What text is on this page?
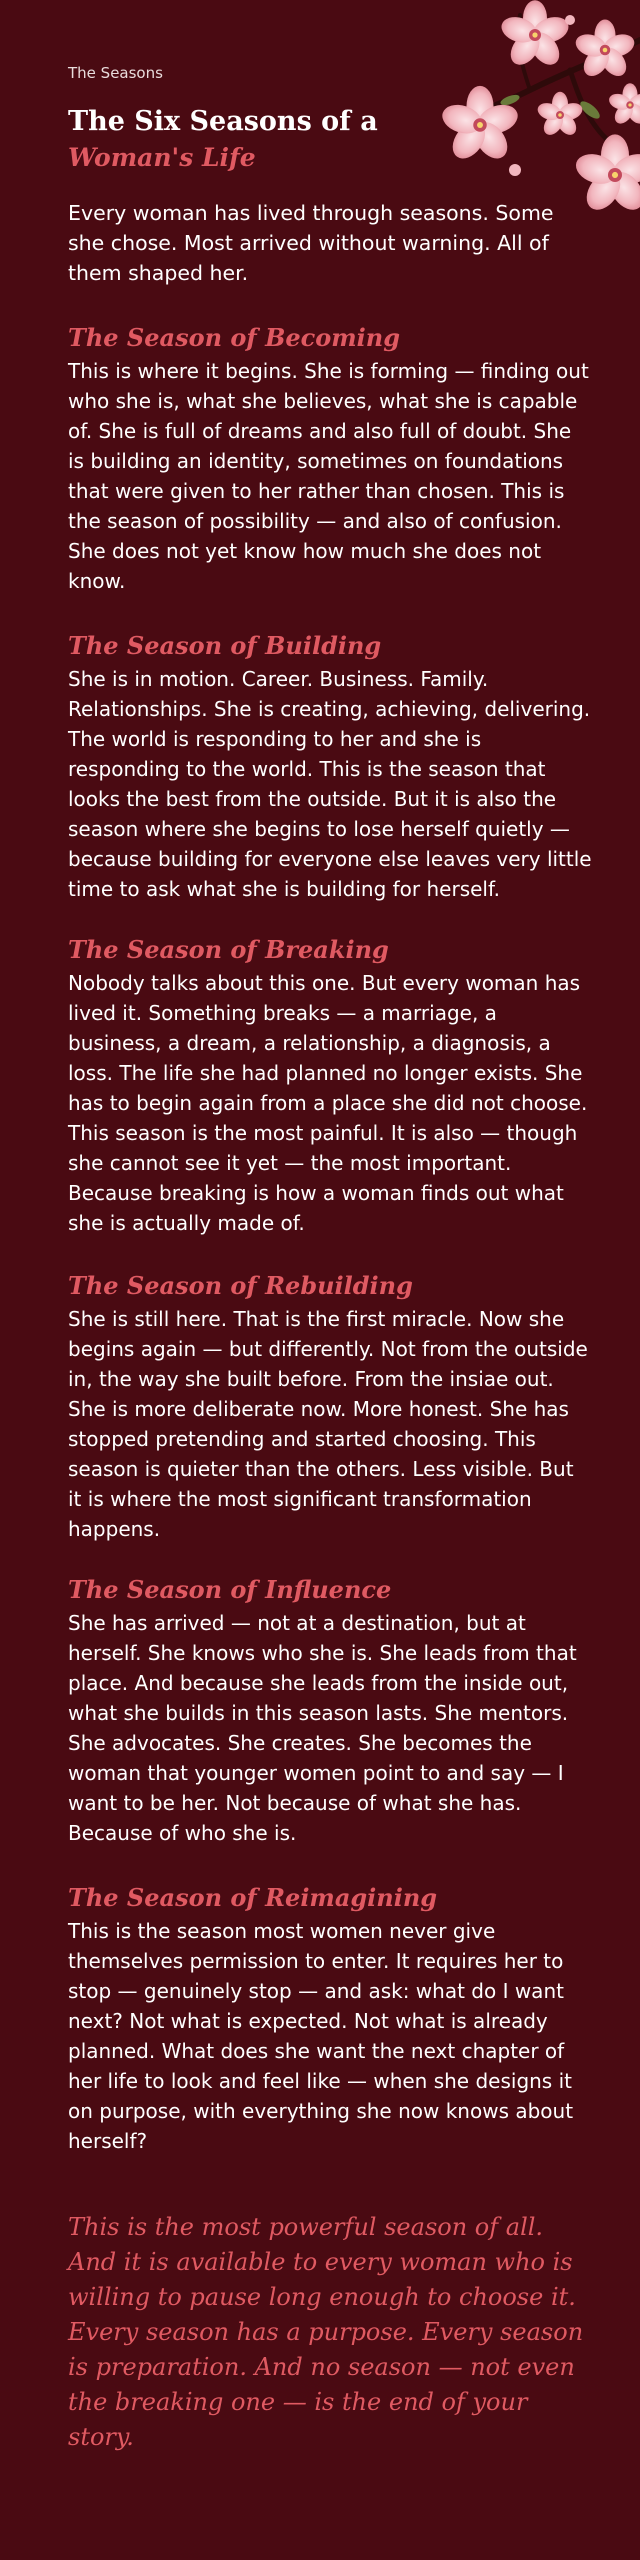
The Seasons

The Six Seasons of a
Woman's Life

Every woman has lived through seasons. Some she chose. Most arrived without warning. All of them shaped her.

The Season of Becoming

This is where it begins. She is forming — finding out who she is, what she believes, what she is capable of. She is full of dreams and also full of doubt. She is building an identity, sometimes on foundations that were given to her rather than chosen. This is the season of possibility — and also of confusion. She does not yet know how much she does not know.

The Season of Building

She is in motion. Career. Business. Family. Relationships. She is creating, achieving, delivering. The world is responding to her and she is responding to the world. This is the season that looks the best from the outside. But it is also the season where she begins to lose herself quietly — because building for everyone else leaves very little time to ask what she is building for herself.

The Season of Breaking

Nobody talks about this one. But every woman has lived it. Something breaks — a marriage, a business, a dream, a relationship, a diagnosis, a loss. The life she had planned no longer exists. She has to begin again from a place she did not choose. This season is the most painful. It is also — though she cannot see it yet — the most important. Because breaking is how a woman finds out what she is actually made of.

The Season of Rebuilding

She is still here. That is the first miracle. Now she begins again — but differently. Not from the outside in, the way she built before. From the insiae out. She is more deliberate now. More honest. She has stopped pretending and started choosing. This season is quieter than the others. Less visible. But it is where the most significant transformation happens.

The Season of Influence

She has arrived — not at a destination, but at herself. She knows who she is. She leads from that place. And because she leads from the inside out, what she builds in this season lasts. She mentors. She advocates. She creates. She becomes the woman that younger women point to and say — I want to be her. Not because of what she has. Because of who she is.

The Season of Reimagining

This is the season most women never give themselves permission to enter. It requires her to stop — genuinely stop — and ask: what do I want next? Not what is expected. Not what is already planned. What does she want the next chapter of her life to look and feel like — when she designs it on purpose, with everything she now knows about herself?

This is the most powerful season of all. And it is available to every woman who is willing to pause long enough to choose it. Every season has a purpose. Every season is preparation. And no season — not even the breaking one — is the end of your story.
